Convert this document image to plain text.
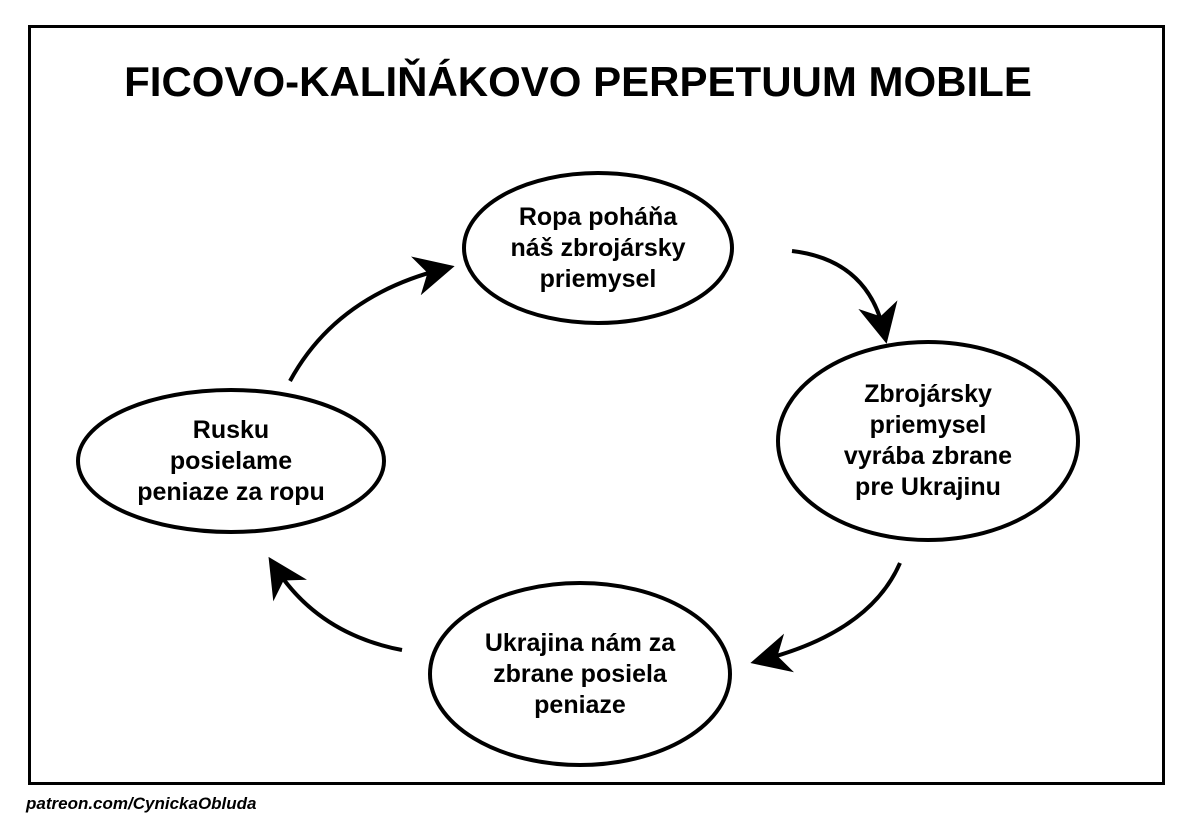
FICOVO-KALIŇÁKOVO PERPETUUM MOBILE
Ropa poháňa
náš zbrojársky
priemysel
Zbrojársky
priemysel
vyrába zbrane
pre Ukrajinu
Ukrajina nám za
zbrane posiela
peniaze
Rusku
posielame
peniaze za ropu
patreon.com/CynickaObluda
